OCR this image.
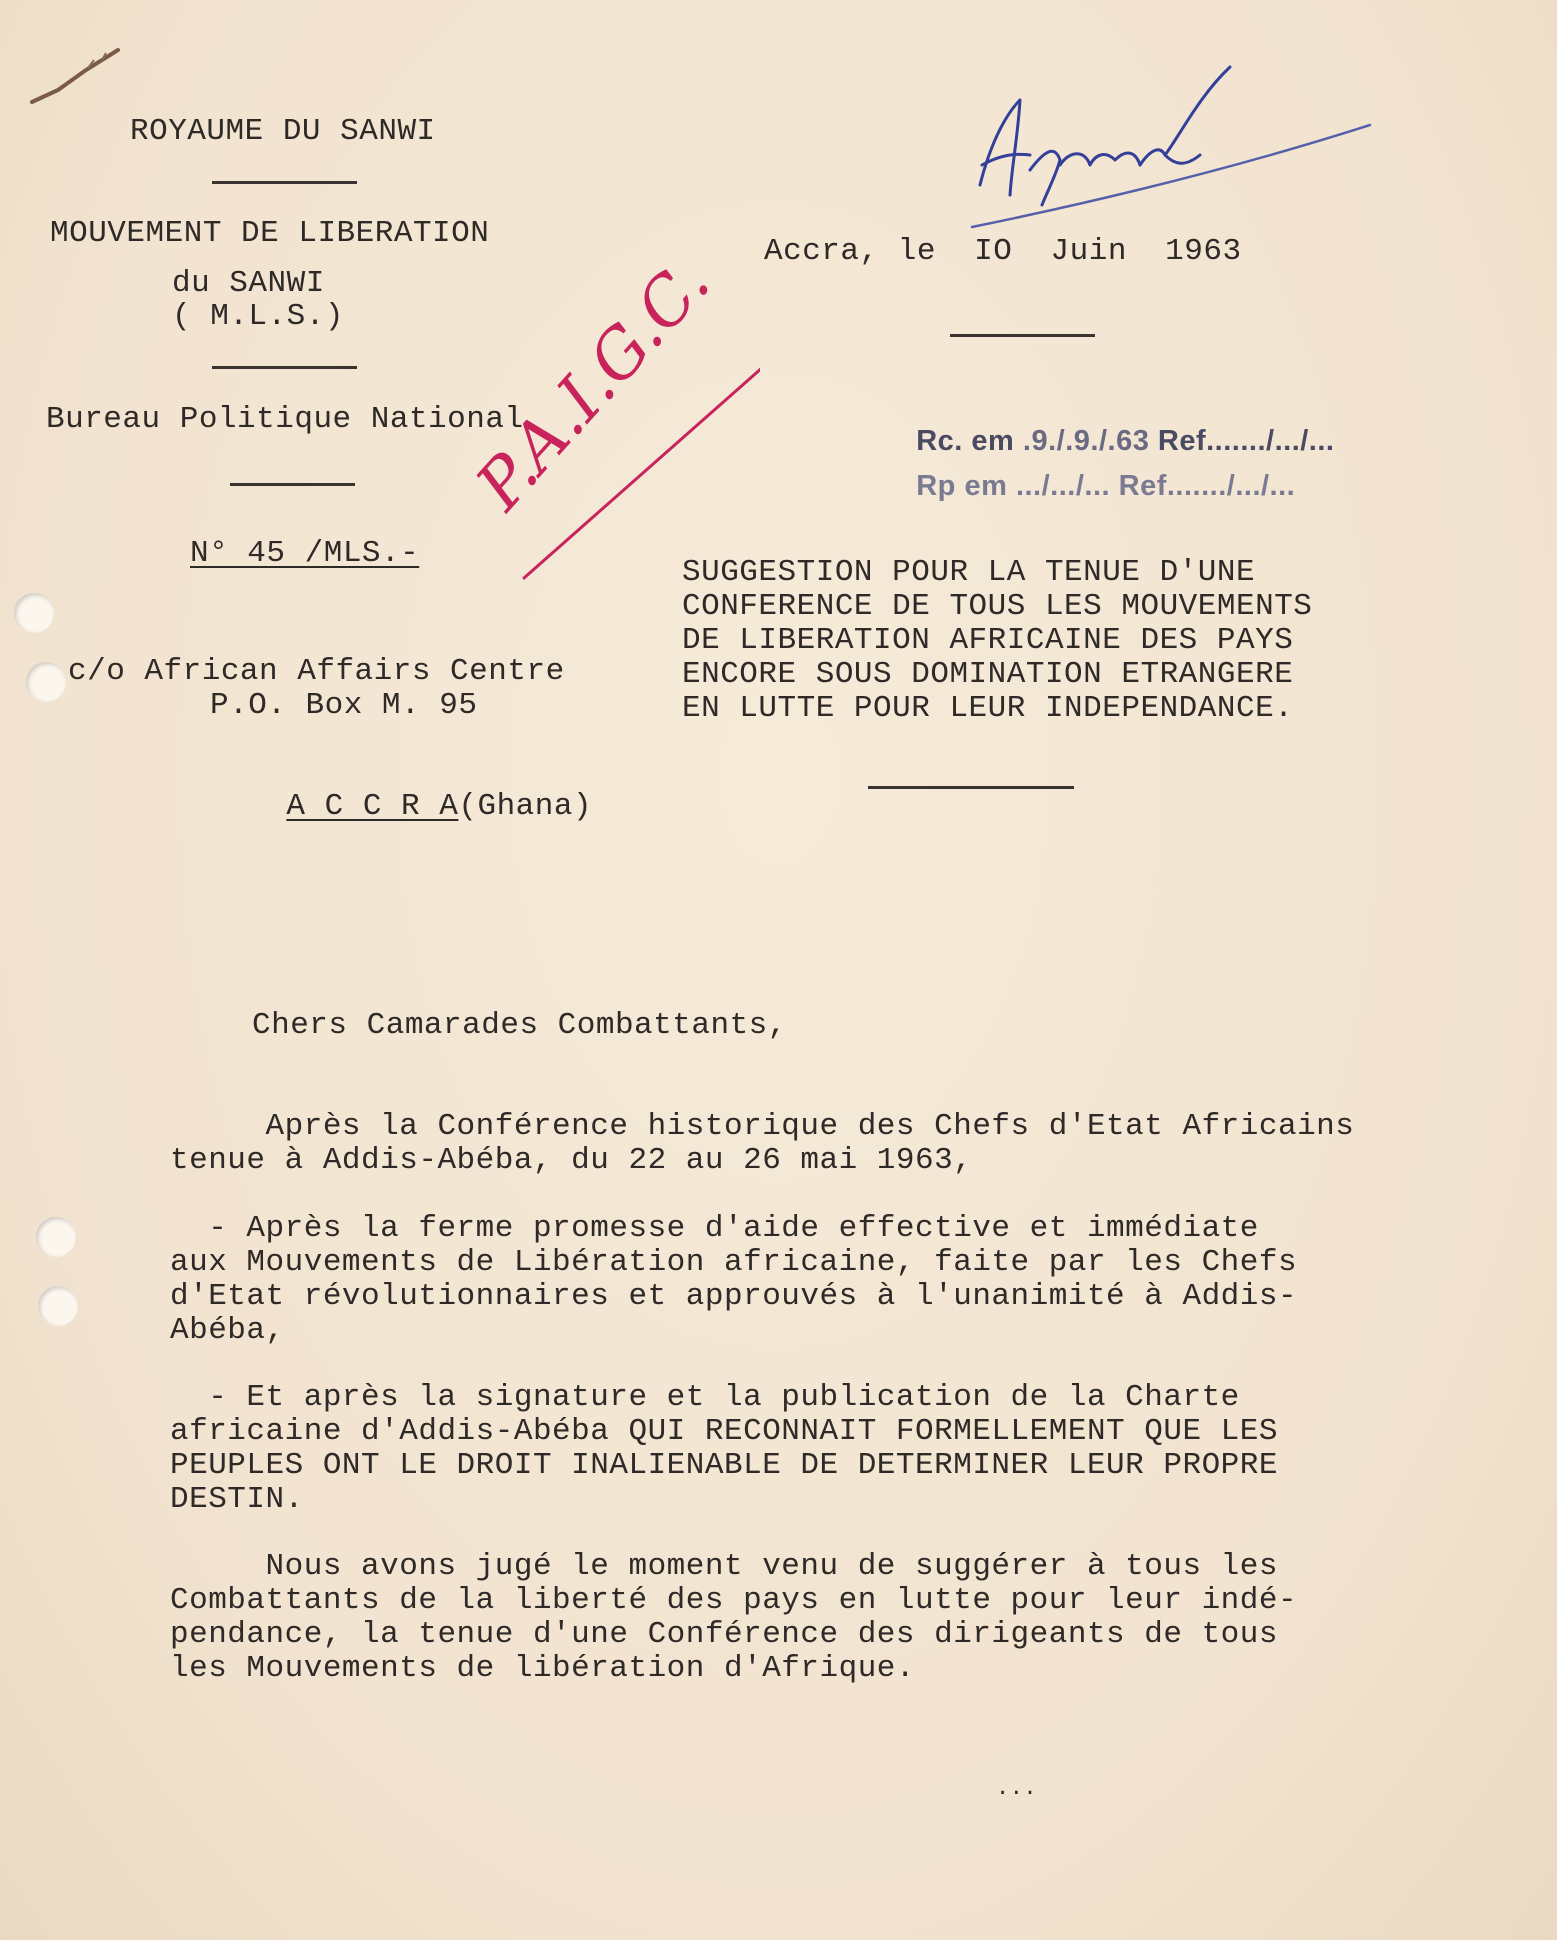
ROYAUME DU SANWI
MOUVEMENT DE LIBERATION
du SANWI
( M.L.S.)
Bureau Politique National
N° 45 /MLS.-
c/o African Affairs Centre
P.O. Box M. 95

A C C R A(Ghana)

Accra, le  IO  Juin  1963
P.A.I.G.C.	Rc. em .9./.9./.63 Ref......./.../...

Rp em .../.../... Ref......./.../...

SUGGESTION POUR LA TENUE D'UNE
CONFERENCE DE TOUS LES MOUVEMENTS
DE LIBERATION AFRICAINE DES PAYS
ENCORE SOUS DOMINATION ETRANGERE
EN LUTTE POUR LEUR INDEPENDANCE.
Chers Camarades Combattants,
Après la Conférence historique des Chefs d'Etat Africains
tenue à Addis-Abéba, du 22 au 26 mai 1963,
- Après la ferme promesse d'aide effective et immédiate
aux Mouvements de Libération africaine, faite par les Chefs
d'Etat révolutionnaires et approuvés à l'unanimité à Addis-
Abéba,
- Et après la signature et la publication de la Charte
africaine d'Addis-Abéba QUI RECONNAIT FORMELLEMENT QUE LES
PEUPLES ONT LE DROIT INALIENABLE DE DETERMINER LEUR PROPRE
DESTIN.
Nous avons jugé le moment venu de suggérer à tous les
Combattants de la liberté des pays en lutte pour leur indé-
pendance, la tenue d'une Conférence des dirigeants de tous
les Mouvements de libération d'Afrique.
...
